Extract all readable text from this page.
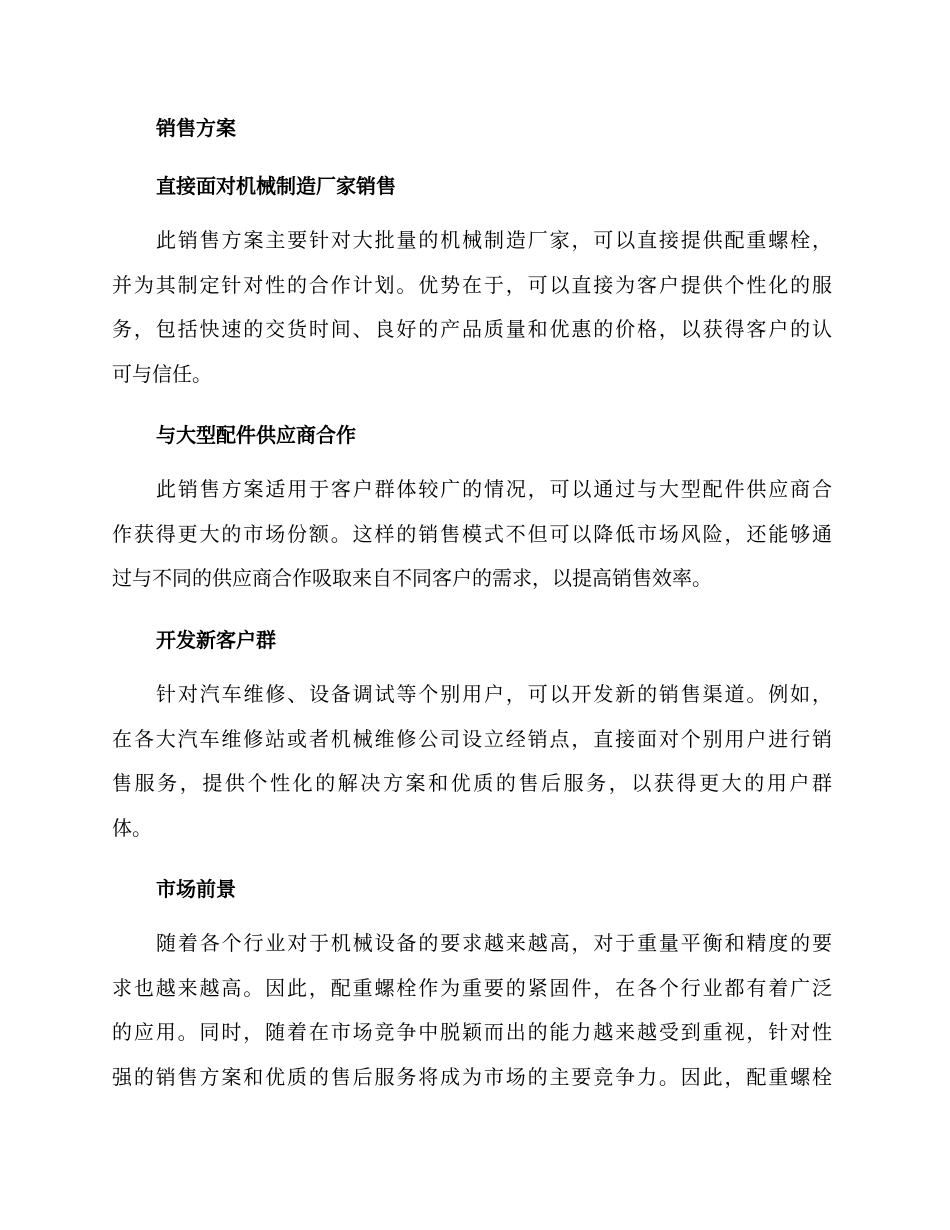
销售方案
直接面对机械制造厂家销售
此销售方案主要针对大批量的机械制造厂家，可以直接提供配重螺栓，
并为其制定针对性的合作计划。优势在于，可以直接为客户提供个性化的服
务，包括快速的交货时间、良好的产品质量和优惠的价格，以获得客户的认
可与信任。
与大型配件供应商合作
此销售方案适用于客户群体较广的情况，可以通过与大型配件供应商合
作获得更大的市场份额。这样的销售模式不但可以降低市场风险，还能够通
过与不同的供应商合作吸取来自不同客户的需求，以提高销售效率。
开发新客户群
针对汽车维修、设备调试等个别用户，可以开发新的销售渠道。例如，
在各大汽车维修站或者机械维修公司设立经销点，直接面对个别用户进行销
售服务，提供个性化的解决方案和优质的售后服务，以获得更大的用户群
体。
市场前景
随着各个行业对于机械设备的要求越来越高，对于重量平衡和精度的要
求也越来越高。因此，配重螺栓作为重要的紧固件，在各个行业都有着广泛
的应用。同时，随着在市场竞争中脱颖而出的能力越来越受到重视，针对性
强的销售方案和优质的售后服务将成为市场的主要竞争力。因此，配重螺栓
